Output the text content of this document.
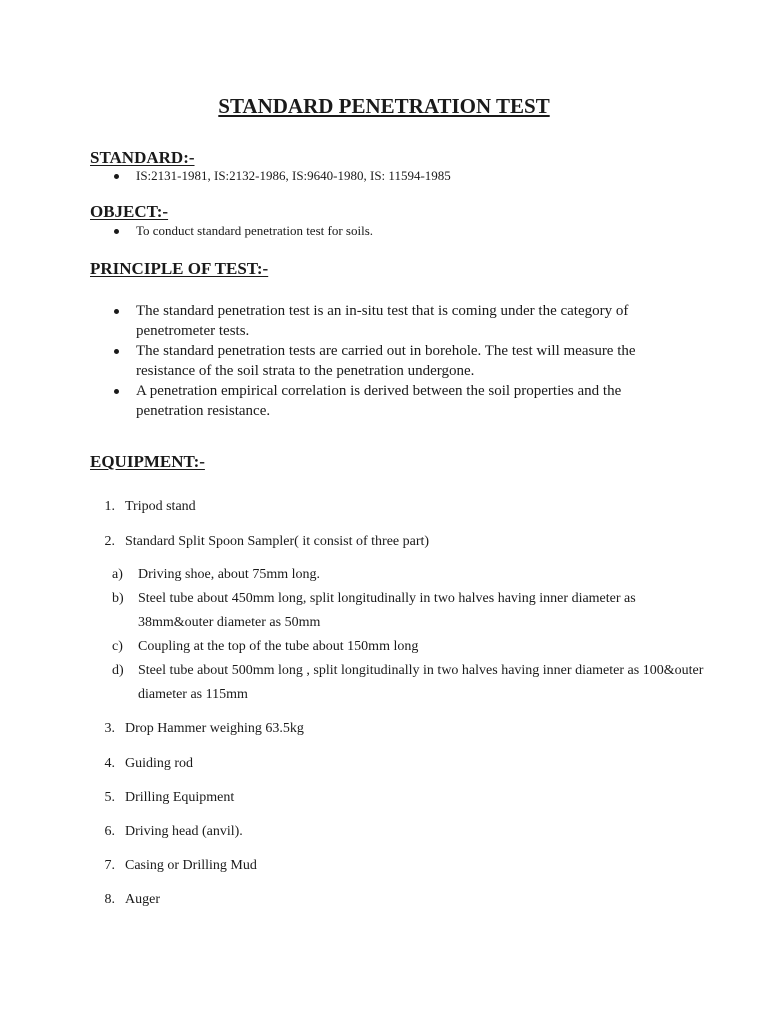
STANDARD PENETRATION TEST
STANDARD:-
IS:2131-1981, IS:2132-1986, IS:9640-1980, IS: 11594-1985
OBJECT:-
To conduct standard penetration test for soils.
PRINCIPLE OF TEST:-
The standard penetration test is an in-situ test that is coming under the category of penetrometer tests.
The standard penetration tests are carried out in borehole. The test will measure the resistance of the soil strata to the penetration undergone.
A penetration empirical correlation is derived between the soil properties and the penetration resistance.
EQUIPMENT:-
1. Tripod stand
2. Standard Split Spoon Sampler( it consist of three part)
3. Drop Hammer weighing 63.5kg
4. Guiding rod
5. Drilling Equipment
6. Driving head (anvil).
7. Casing or Drilling Mud
8. Auger
a) Driving shoe, about 75mm long.
b) Steel tube about 450mm long, split longitudinally in two halves having inner diameter as 38mm&outer diameter as 50mm
c) Coupling at the top of the tube about 150mm long
d) Steel tube about 500mm long , split longitudinally in two halves having inner diameter as 100&outer diameter as 115mm
